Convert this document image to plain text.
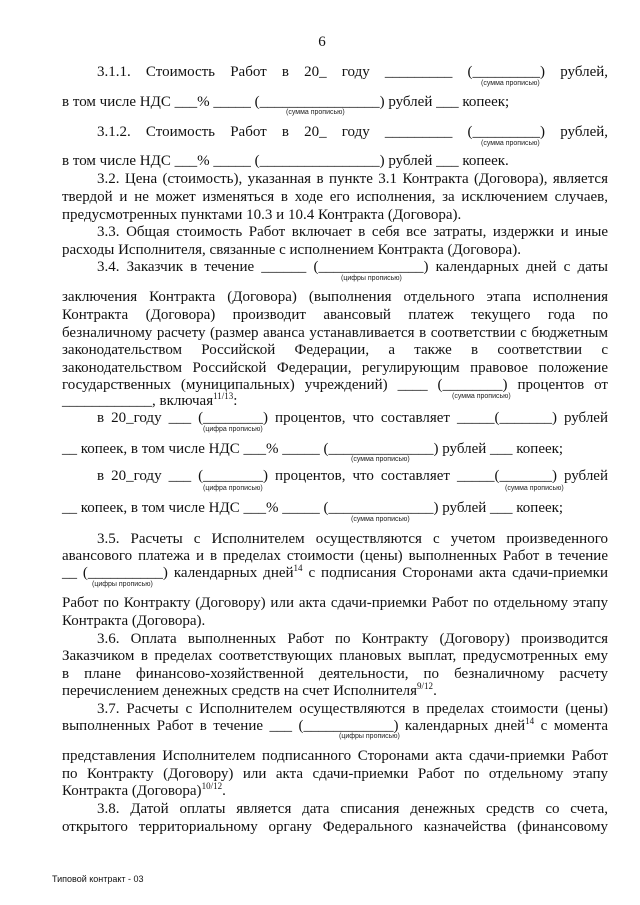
6
3.1.1. Стоимость Работ в 20_ году _________ (_________) рублей,
(сумма прописью)
в том числе НДС ___% _____ (________________) рублей ___ копеек;
(сумма прописью)
3.1.2. Стоимость Работ в 20_ году _________ (_________) рублей,
(сумма прописью)
в том числе НДС ___% _____ (________________) рублей ___ копеек.
3.2. Цена (стоимость), указанная в пункте 3.1 Контракта (Договора), является
твердой и не может изменяться в ходе его исполнения, за исключением случаев,
предусмотренных пунктами 10.3 и 10.4 Контракта (Договора).
3.3. Общая стоимость Работ включает в себя все затраты, издержки и иные
расходы Исполнителя, связанные с исполнением Контракта (Договора).
3.4. Заказчик в течение ______ (______________) календарных дней с даты
(цифры прописью)
заключения Контракта (Договора) (выполнения отдельного этапа исполнения
Контракта (Договора) производит авансовый платеж текущего года по
безналичному расчету (размер аванса устанавливается в соответствии с бюджетным
законодательством Российской Федерации, а также в соответствии с
законодательством Российской Федерации, регулирующим правовое положение
государственных (муниципальных) учреждений) ____ (________) процентов от
(сумма прописью)
____________, включая$^{11/13}$:
в 20_году ___ (________) процентов, что составляет _____(_______) рублей
(цифра прописью)
__ копеек, в том числе НДС ___% _____ (______________) рублей ___ копеек;
(сумма прописью)
в 20_году ___ (________) процентов, что составляет _____(_______) рублей
(цифра прописью)	(сумма прописью)
__ копеек, в том числе НДС ___% _____ (______________) рублей ___ копеек;
(сумма прописью)
3.5. Расчеты с Исполнителем осуществляются с учетом произведенного
авансового платежа и в пределах стоимости (цены) выполненных Работ в течение
__ (__________) календарных дней$^{14}$ с подписания Сторонами акта сдачи-приемки
(цифры прописью)
Работ по Контракту (Договору) или акта сдачи-приемки Работ по отдельному этапу
Контракта (Договора).
3.6. Оплата выполненных Работ по Контракту (Договору) производится
Заказчиком в пределах соответствующих плановых выплат, предусмотренных ему
в плане финансово-хозяйственной деятельности, по безналичному расчету
перечислением денежных средств на счет Исполнителя$^{9/12}$.
3.7. Расчеты с Исполнителем осуществляются в пределах стоимости (цены)
выполненных Работ в течение ___ (____________) календарных дней$^{14}$ с момента
(цифры прописью)
представления Исполнителем подписанного Сторонами акта сдачи-приемки Работ
по Контракту (Договору) или акта сдачи-приемки Работ по отдельному этапу
Контракта (Договора)$^{10/12}$.
3.8. Датой оплаты является дата списания денежных средств со счета,
открытого территориальному органу Федерального казначейства (финансовому
Типовой контракт - 03
